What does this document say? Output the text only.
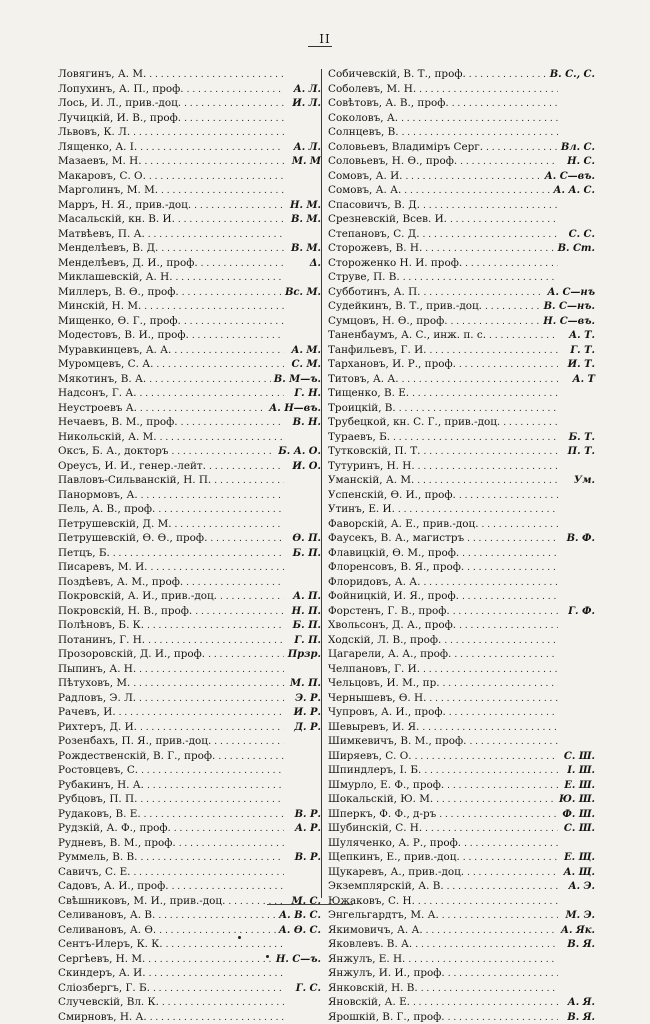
II
Ловягинъ, А. М.
. . .
Лопухинъ, А. П., проф. . . .	А. Л.
Лось, И. Л., прив.-доц. . . .	И. Л.
Лучицкій, И. В., проф.
. . .
Львовъ, К. Л.
. . .
Лященко, А. I. . . .	А. Л.
Мазаевъ, М. Н. . . .	М. М
Макаровъ, С. О.
. . .
Марголинъ, М. М.
. . .
Марръ, Н. Я., прив.-доц. . . .	Н. М.
Масальскій, кн. В. И. . . .	В. М.
Матвѣевъ, П. А.
. . .
Менделѣевъ, В. Д. . . .	В. М.
Менделѣевъ, Д. И., проф. . . .	Δ.
Миклашевскій, А. Н.
. . .
Миллеръ, В. Ө., проф. . . .	Вс. М.
Минскій, Н. М.
. . .
Мищенко, Ө. Г., проф.
. . .
Модестовъ, В. И., проф.
. . .
Муравкинцевъ, А. А. . . .	А. М.
Муромцевъ, С. А. . . .	С. М.
Мякотинъ, В. А. . . .	В. М—ъ.
Надсонъ, Г. А. . . .	Г. Н.
Неустроевъ А. . . .	А. Н—въ.
Нечаевъ, В. М., проф. . . .	В. Н.
Никольскій, А. М.
. . .
Оксъ, Б. А., докторъ . . .	Б. А. О.
Ореусъ, И. И., генер.-лейт. . . .	И. О.
Павловъ-Сильванскій, Н. П.
. . .
Панормовъ, А.
. . .
Пель, А. В., проф.
. . .
Петрушевскій, Д. М.
. . .
Петрушевскій, Ө. Ө., проф. . . .	Ө. П.
Петцъ, Б. . . .	Б. П.
Писаревъ, М. И.
. . .
Поздѣевъ, А. М., проф.
. . .
Покровскій, А. И., прив.-доц. . . .	А. П.
Покровскій, Н. В., проф. . . .	Н. П.
Полѣновъ, Б. К. . . .	Б. П.
Потанинъ, Г. Н. . . .	Г. П.
Прозоровскій, Д. И., проф. . . .	Прзр.
Пыпинъ, А. Н.
. . .
Пѣтуховъ, М. . . .	М. П.
Радловъ, Э. Л. . . .	Э. Р.
Рачевъ, И. . . .	И. Р.
Рихтеръ, Д. И. . . .	Д. Р.
Розенбахъ, П. Я., прив.-доц.
. . .
Рождественскій, В. Г., проф.
. . .
Ростовцевъ, С.
. . .
Рубакинъ, Н. А.
. . .
Рубцовъ, П. П.
. . .
Рудаковъ, В. Е. . . .	В. Р.
Рудзкій, А. Ф., проф. . . .	А. Р.
Рудневъ, В. М., проф.
. . .
Руммель, В. В. . . .	В. Р.
Савичъ, С. Е.
. . .
Садовъ, А. И., проф.
. . .
Свѣшниковъ, М. И., прив.-доц. . . .	М. С.
Селивановъ, А. В. . . .	А. В. С.
Селивановъ, А. Ө. . . .	А. Ө. С.
Сентъ-Илеръ, К. К.
. . .
Сергѣевъ, Н. М. . . .	Н. С—ъ.
Скиндеръ, А. И.
. . .
Сліозбергъ, Г. Б. . . .	Г. С.
Случевскій, Вл. К.
. . .
Смирновъ, Н. А.
. . .
Собичевскій, В. Т., проф. . . .	В. С., С.
Соболевъ, М. Н.
. . .
Совѣтовъ, А. В., проф.
. . .
Соколовъ, А.
. . .
Солнцевъ, В.
. . .
Соловьевъ, Владиміръ Серг. . . .	Вл. С.
Соловьевъ, Н. Ө., проф. . . .	Н. С.
Сомовъ, А. И. . . .	А. С—въ.
Сомовъ, А. А. . . .	А. А. С.
Спасовичъ, В. Д.
. . .
Срезневскій, Всев. И.
. . .
Степановъ, С. Д. . . .	С. С.
Сторожевъ, В. Н. . . .	В. Ст.
Стороженко Н. И. проф.
. . .
Струве, П. В.
. . .
Субботинъ, А. П. . . .	А. С—нъ
Судейкинъ, В. Т., прив.-доц. . . .	В. С—нъ.
Сумцовъ, Н. Ө., проф. . . .	Н. С—въ.
Таненбаумъ, А. С., инж. п. с. . . .	А. Т.
Танфильевъ, Г. И. . . .	Г. Т.
Тархановъ, И. Р., проф. . . .	И. Т.
Титовъ, А. А. . . .	А. Т
Тищенко, В. Е.
. . .
Троицкій, В.
. . .
Трубецкой, кн. С. Г., прив.-доц.
. . .
Тураевъ, Б. . . .	Б. Т.
Тутковскій, П. Т. . . .	П. Т.
Тутуринъ, Н. Н.
. . .
Уманскій, А. М. . . .	Ум.
Успенскій, Ө. И., проф.
. . .
Утинъ, Е. И.
. . .
Фаворскій, А. Е., прив.-доц.
. . .
Фаусекъ, В. А., магистръ . . .	В. Ф.
Флавицкій, Ө. М., проф.
. . .
Флоренсовъ, В. Я., проф.
. . .
Флоридовъ, А. А.
. . .
Фойницкій, И. Я., проф.
. . .
Форстенъ, Г. В., проф. . . .	Г. Ф.
Хвольсонъ, Д. А., проф.
. . .
Ходскій, Л. В., проф.
. . .
Цагарели, А. А., проф.
. . .
Челпановъ, Г. И.
. . .
Чельцовъ, И. М., пр.
. . .
Чернышевъ, Ө. Н.
. . .
Чупровъ, А. И., проф.
. . .
Шевыревъ, И. Я.
. . .
Шимкевичъ, В. М., проф.
. . .
Ширяевъ, С. О. . . .	С. Ш.
Шпиндлеръ, І. Б. . . .	І. Ш.
Шмурло, Е. Ф., проф. . . .	Е. Ш.
Шокальскій, Ю. М. . . .	Ю. Ш.
Шперкъ, Ф. Ф., д-ръ . . .	Ф. Ш.
Шубинскій, С. Н. . . .	С. Ш.
Шуляченко, А. Р., проф.
. . .
Щепкинъ, Е., прив.-доц. . . .	Е. Щ.
Щукаревъ, А., прив.-доц. . . .	А. Щ.
Экземплярскій, А. В. . . .	А. Э.
Южаковъ, С. Н.
. . .
Энгельгардтъ, М. А. . . .	М. Э.
Якимовичъ, А. А. . . .	А. Як.
Яковлевъ. В. А. . . .	В. Я.
Янжулъ, Е. Н.
. . .
Янжулъ, И. И., проф.
. . .
Янковскій, Н. В.
. . .
Яновскій, А. Е. . . .	А. Я.
Ярошкій, В. Г., проф. . . .	В. Я.
